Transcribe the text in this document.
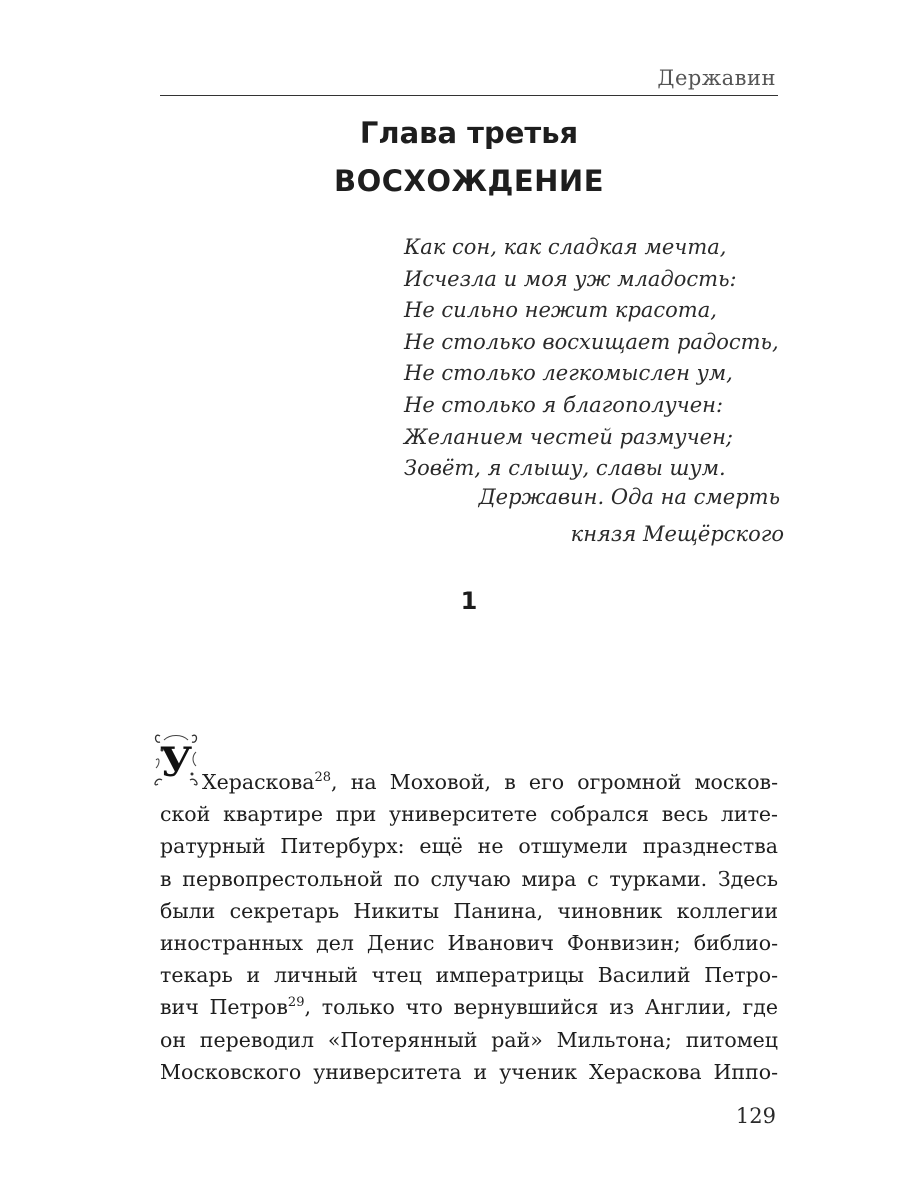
Державин
Глава третья
ВОСХОЖДЕНИЕ
Как сон, как сладкая мечта,
Исчезла и моя уж младость:
Не сильно нежит красота,
Не столько восхищает радость,
Не столько легкомыслен ум,
Не столько я благополучен:
Желанием честей размучен;
Зовёт, я слышу, славы шум.
Державин. Ода на смерть
князя Мещёрского
1
У Хераскова$^{28}$, на Моховой, в его огромной москов-
ской квартире при университете собрался весь лите-
ратурный Питербурх: ещё не отшумели празднества
в первопрестольной по случаю мира с турками. Здесь
были секретарь Никиты Панина, чиновник коллегии
иностранных дел Денис Иванович Фонвизин; библио-
текарь и личный чтец императрицы Василий Петро-
вич Петров$^{29}$, только что вернувшийся из Англии, где
он переводил «Потерянный рай» Мильтона; питомец
Московского университета и ученик Хераскова Иппо-
129
